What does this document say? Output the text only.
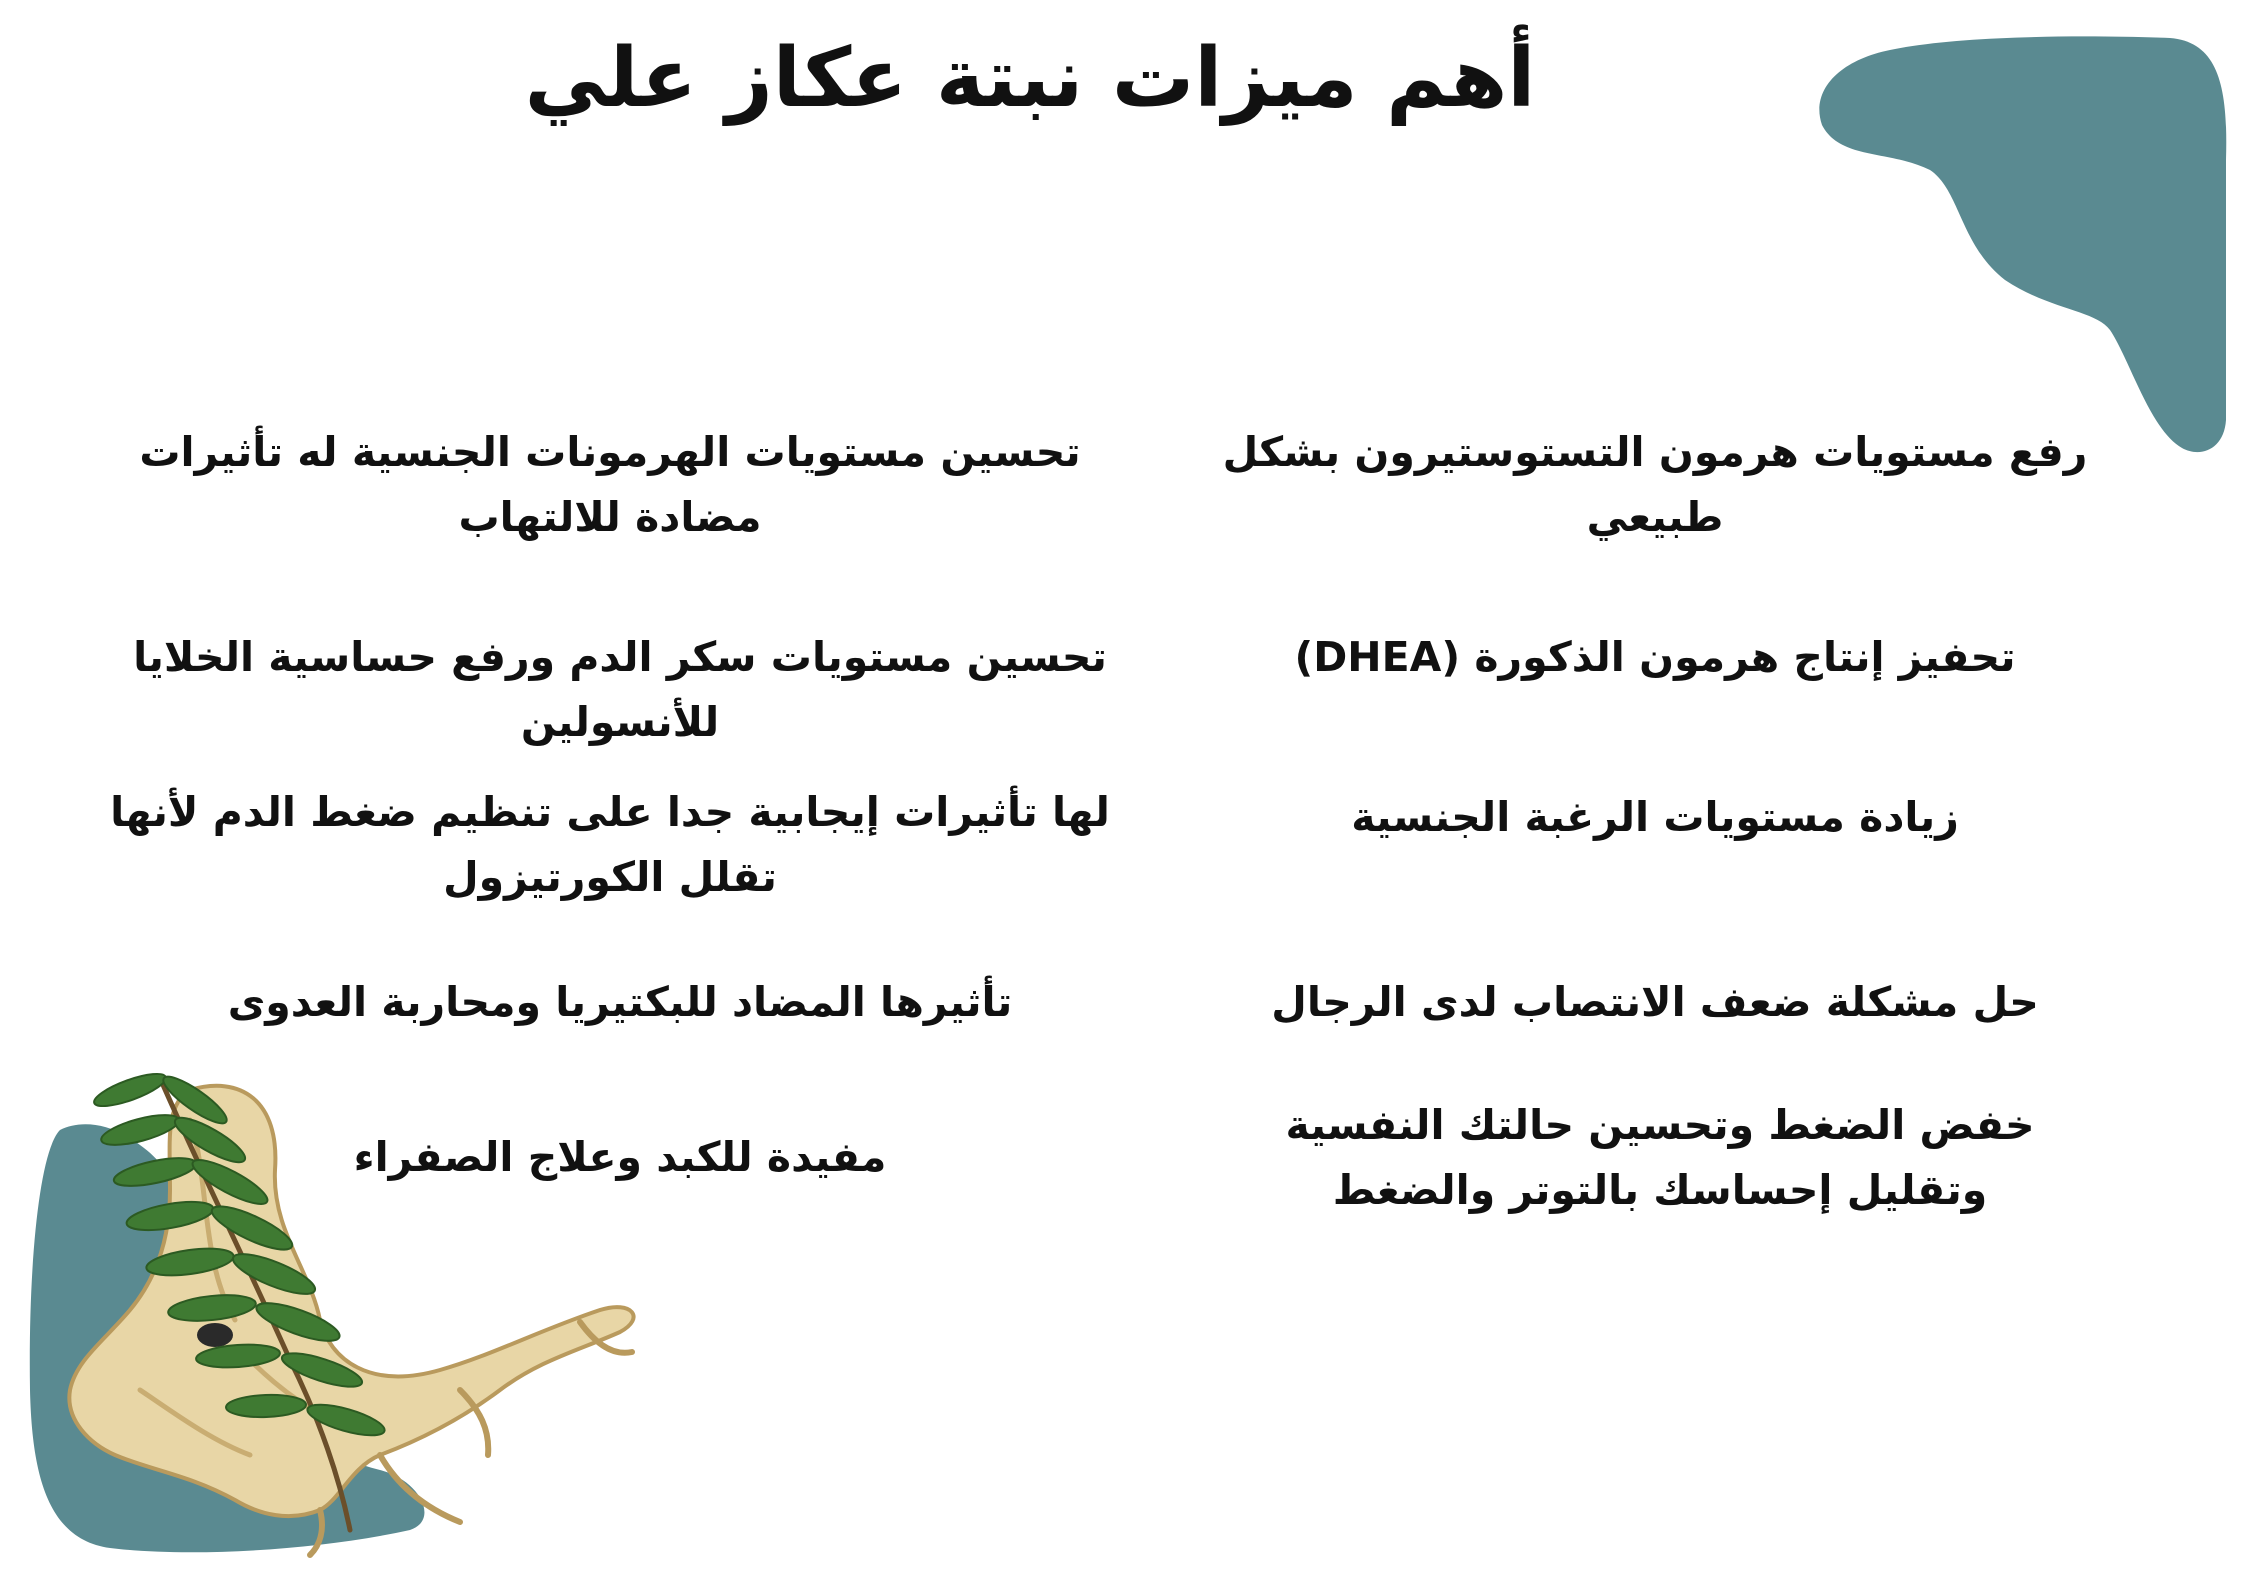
أهم ميزات نبتة عكاز علي
رفع مستويات هرمون التستوستيرون بشكل طبيعي
تحفيز إنتاج هرمون الذكورة (DHEA)
زيادة مستويات الرغبة الجنسية
حل مشكلة ضعف الانتصاب لدى الرجال
خفض الضغط وتحسين حالتك النفسية وتقليل إحساسك بالتوتر والضغط
تحسين مستويات الهرمونات الجنسية له تأثيرات مضادة للالتهاب
تحسين مستويات سكر الدم ورفع حساسية الخلايا للأنسولين
لها تأثيرات إيجابية جدا على تنظيم ضغط الدم لأنها تقلل الكورتيزول
تأثيرها المضاد للبكتيريا ومحاربة العدوى
مفيدة للكبد وعلاج الصفراء
